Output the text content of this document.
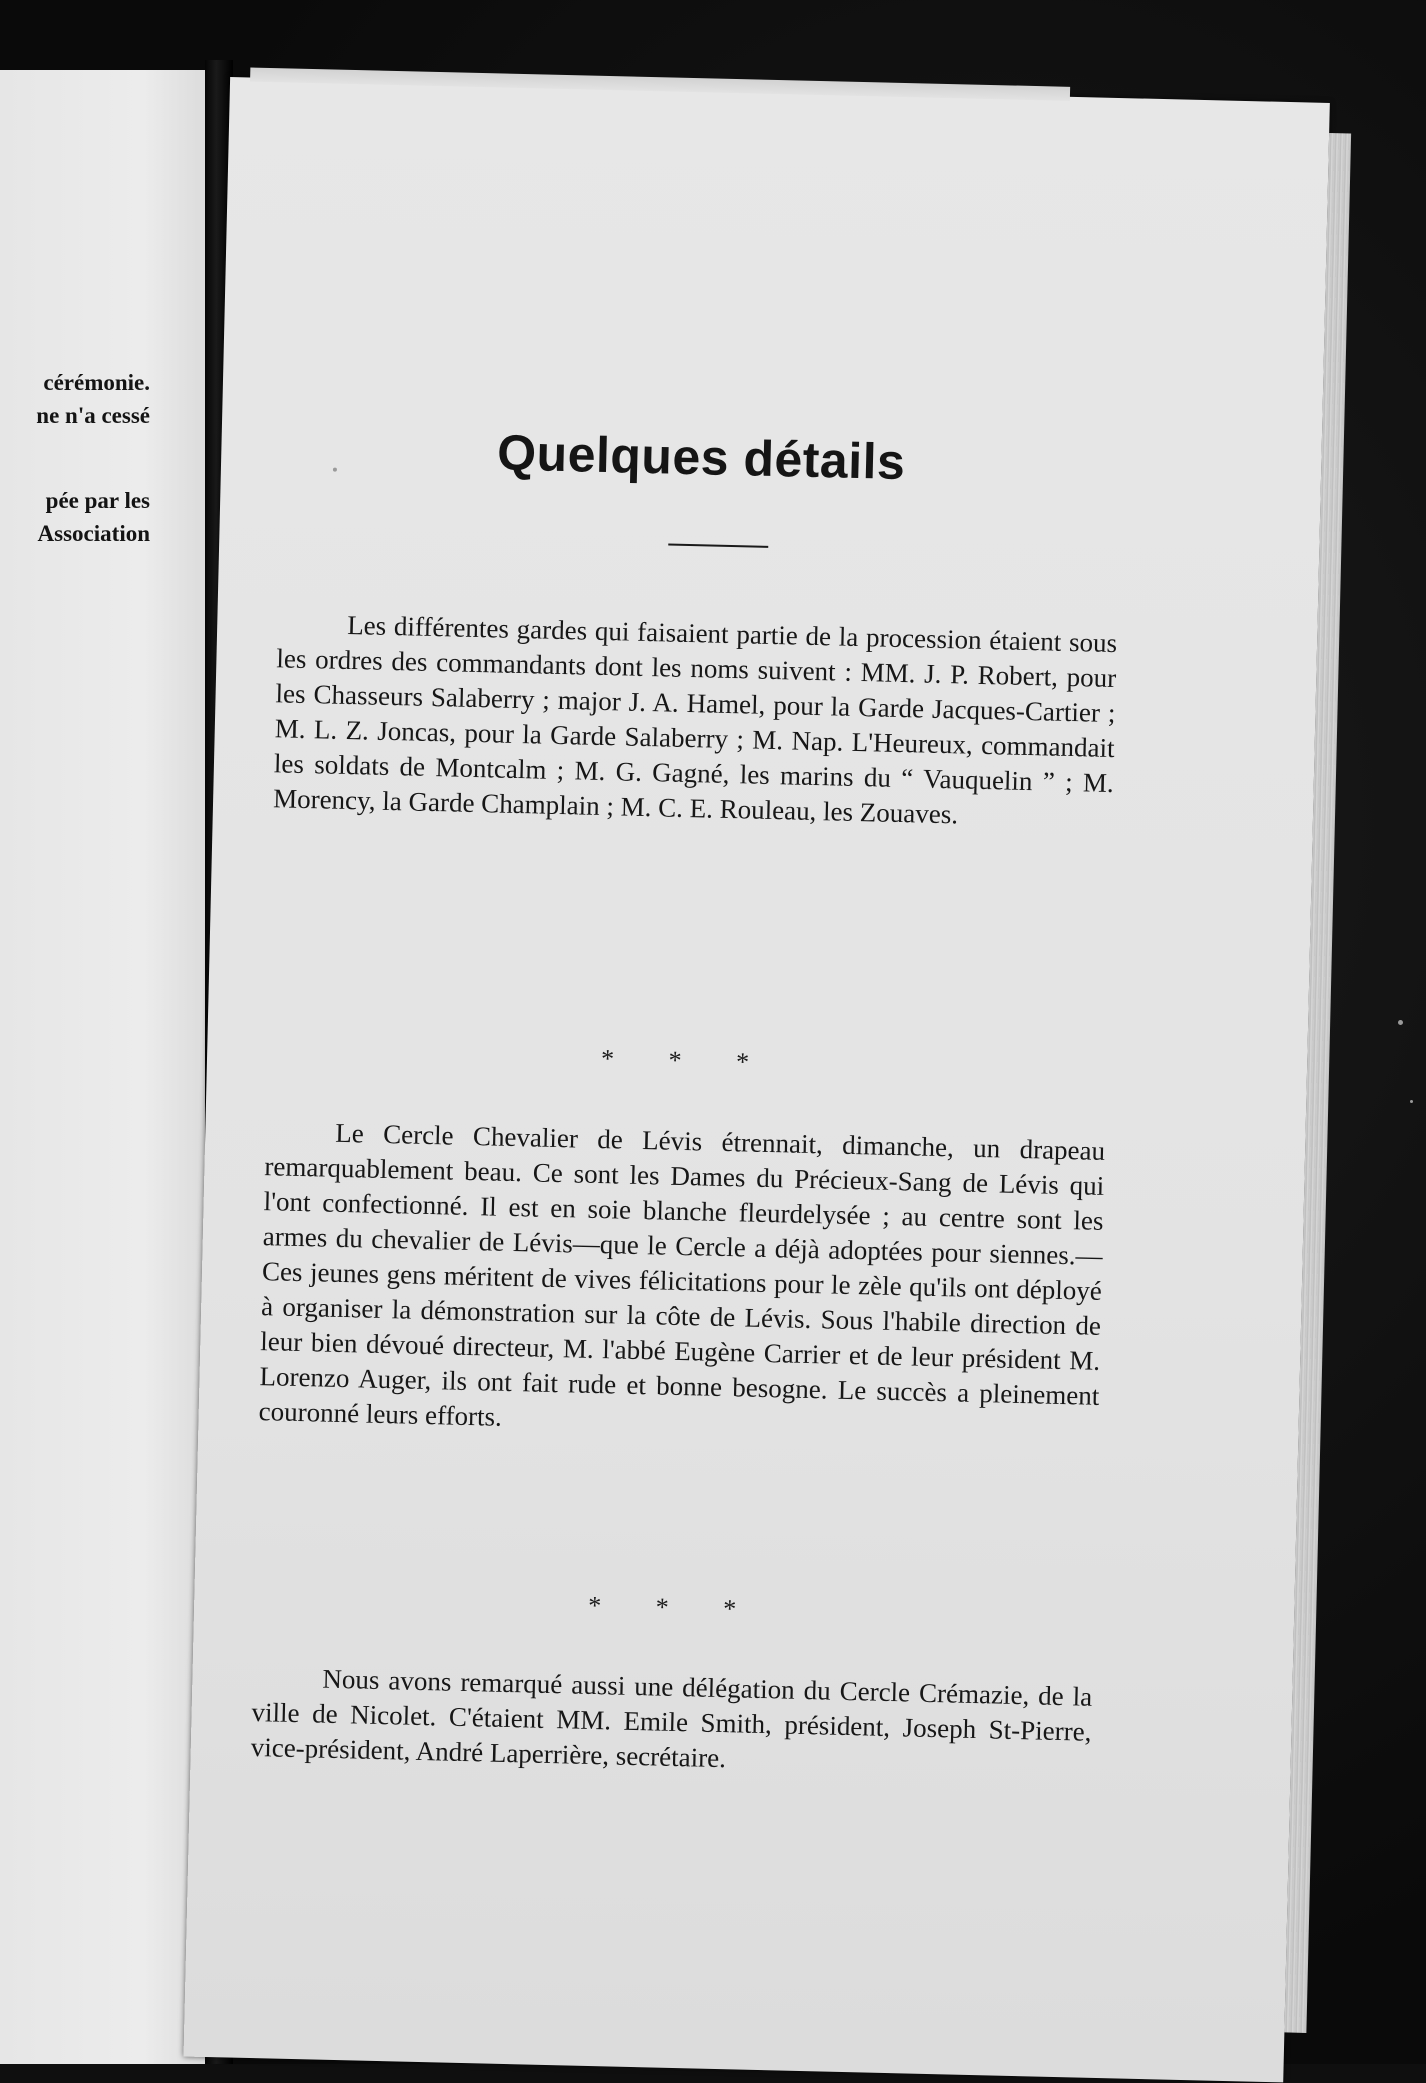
cérémonie.
ne n'a cessé
pée par les
Association
Quelques détails

Les différentes gardes qui faisaient partie de la procession étaient sous les ordres des commandants dont les noms suivent : MM. J. P. Robert, pour les Chasseurs Salaberry ; major J. A. Hamel, pour la Garde Jacques-Cartier ; M. L. Z. Joncas, pour la Garde Salaberry ; M. Nap. L'Heureux, commandait les soldats de Montcalm ; M. G. Gagné, les marins du “ Vauquelin ” ; M. Morency, la Garde Champlain ; M. C. E. Rouleau, les Zouaves.

* * *

Le Cercle Chevalier de Lévis étrennait, dimanche, un drapeau remarquablement beau. Ce sont les Dames du Précieux-Sang de Lévis qui l'ont confectionné. Il est en soie blanche fleurdelysée ; au centre sont les armes du chevalier de Lévis—que le Cercle a déjà adoptées pour siennes.—Ces jeunes gens méritent de vives félicitations pour le zèle qu'ils ont déployé à organiser la démonstration sur la côte de Lévis. Sous l'habile direction de leur bien dévoué directeur, M. l'abbé Eugène Carrier et de leur président M. Lorenzo Auger, ils ont fait rude et bonne besogne. Le succès a pleinement couronné leurs efforts.

* * *

Nous avons remarqué aussi une délégation du Cercle Crémazie, de la ville de Nicolet. C'étaient MM. Emile Smith, président, Joseph St-Pierre, vice-président, André Laperrière, secrétaire.
